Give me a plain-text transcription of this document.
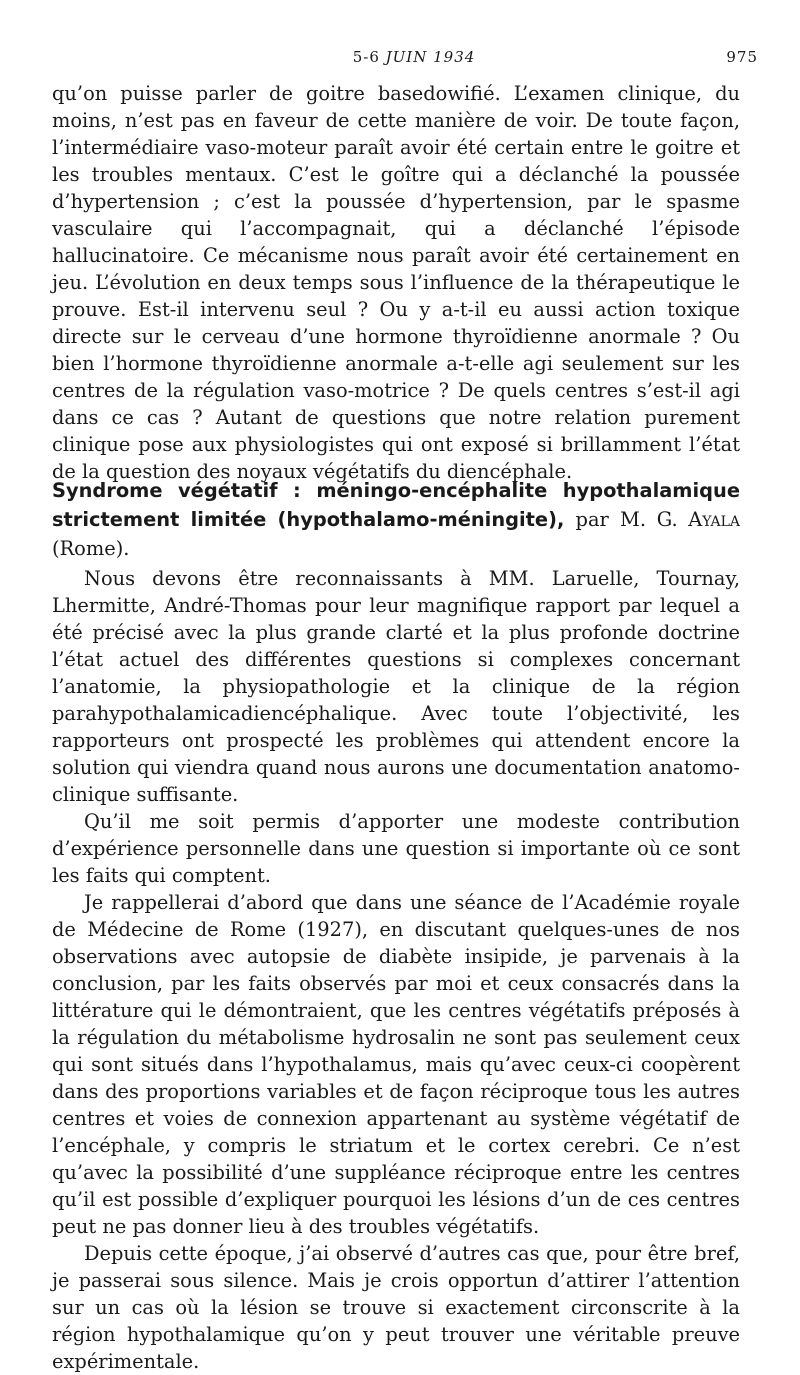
5-6 JUIN 1934	975

qu’on puisse parler de goitre basedowifié. L’examen clinique, du moins, n’est pas en faveur de cette manière de voir. De toute façon, l’intermédiaire vaso-moteur paraît avoir été certain entre le goitre et les troubles mentaux. C’est le goître qui a déclanché la poussée d’hypertension ; c’est la poussée d’hypertension, par le spasme vasculaire qui l’accompagnait, qui a déclanché l’épisode hallucinatoire. Ce mécanisme nous paraît avoir été certainement en jeu. L’évolution en deux temps sous l’influence de la thérapeutique le prouve. Est-il intervenu seul ? Ou y a-t-il eu aussi action toxique directe sur le cerveau d’une hormone thyroïdienne anormale ? Ou bien l’hormone thyroïdienne anormale a-t-elle agi seulement sur les centres de la régulation vaso-motrice ? De quels centres s’est-il agi dans ce cas ? Autant de questions que notre relation purement clinique pose aux physiologistes qui ont exposé si brillamment l’état de la question des noyaux végétatifs du diencéphale.

Syndrome végétatif : méningo-encéphalite hypothalamique strictement limitée (hypothalamo-méningite), par M. G. Ayala (Rome).

Nous devons être reconnaissants à MM. Laruelle, Tournay, Lhermitte, André-Thomas pour leur magnifique rapport par lequel a été précisé avec la plus grande clarté et la plus profonde doctrine l’état actuel des différentes questions si complexes concernant l’anatomie, la physiopathologie et la clinique de la région parahypothalamicadiencéphalique. Avec toute l’objectivité, les rapporteurs ont prospecté les problèmes qui attendent encore la solution qui viendra quand nous aurons une documentation anatomo-clinique suffisante.

Qu’il me soit permis d’apporter une modeste contribution d’expérience personnelle dans une question si importante où ce sont les faits qui comptent.

Je rappellerai d’abord que dans une séance de l’Académie royale de Médecine de Rome (1927), en discutant quelques-unes de nos observations avec autopsie de diabète insipide, je parvenais à la conclusion, par les faits observés par moi et ceux consacrés dans la littérature qui le démontraient, que les centres végétatifs préposés à la régulation du métabolisme hydrosalin ne sont pas seulement ceux qui sont situés dans l’hypothalamus, mais qu’avec ceux-ci coopèrent dans des proportions variables et de façon réciproque tous les autres centres et voies de connexion appartenant au système végétatif de l’encéphale, y compris le striatum et le cortex cerebri. Ce n’est qu’avec la possibilité d’une suppléance réciproque entre les centres qu’il est possible d’expliquer pourquoi les lésions d’un de ces centres peut ne pas donner lieu à des troubles végétatifs.

Depuis cette époque, j’ai observé d’autres cas que, pour être bref, je passerai sous silence. Mais je crois opportun d’attirer l’attention sur un cas où la lésion se trouve si exactement circonscrite à la région hypothalamique qu’on y peut trouver une véritable preuve expérimentale.
